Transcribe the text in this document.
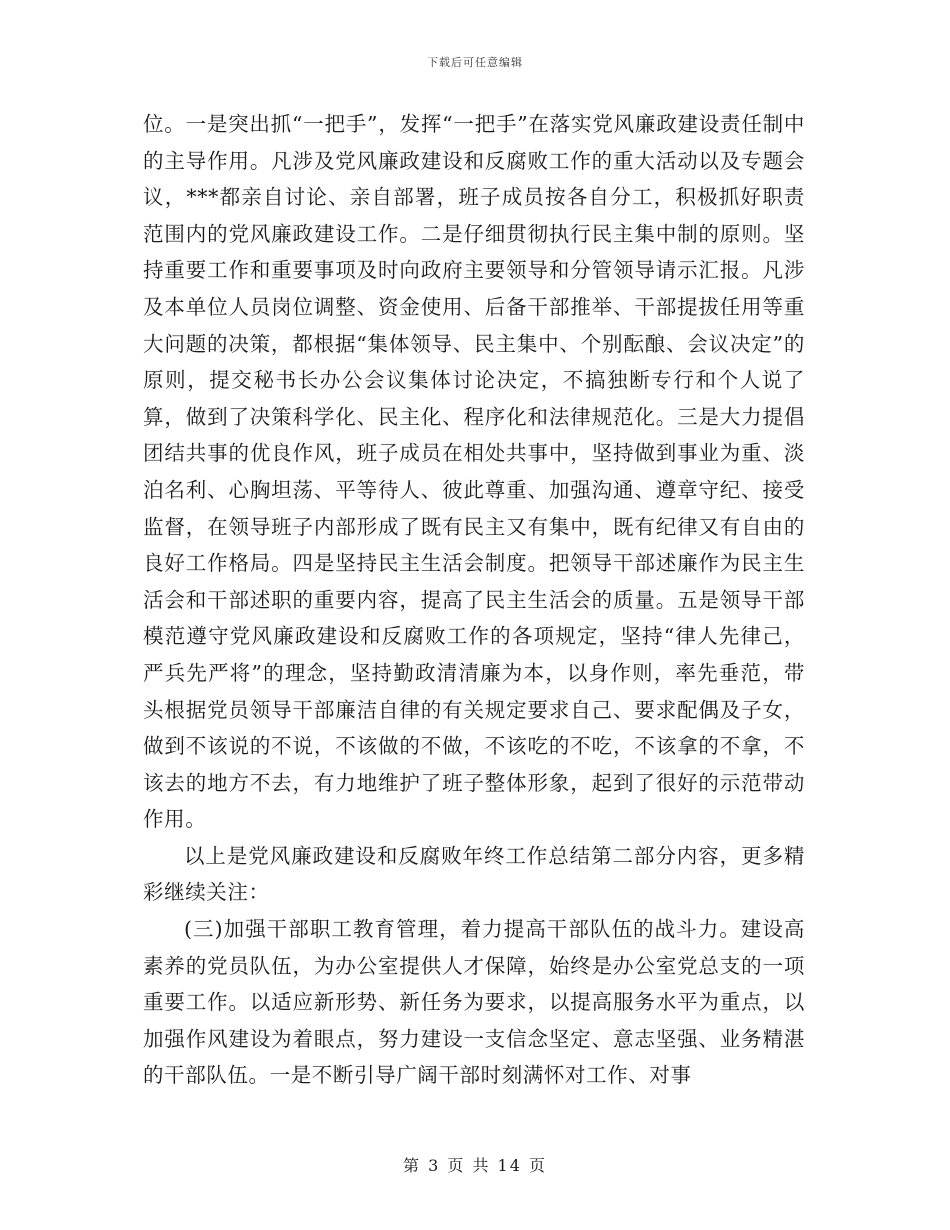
下载后可任意编辑

位。一是突出抓“一把手”，发挥“一把手”在落实党风廉政建设责任制中的主导作用。凡涉及党风廉政建设和反腐败工作的重大活动以及专题会议，***都亲自讨论、亲自部署，班子成员按各自分工，积极抓好职责范围内的党风廉政建设工作。二是仔细贯彻执行民主集中制的原则。坚持重要工作和重要事项及时向政府主要领导和分管领导请示汇报。凡涉及本单位人员岗位调整、资金使用、后备干部推举、干部提拔任用等重大问题的决策，都根据“集体领导、民主集中、个别酝酿、会议决定”的原则，提交秘书长办公会议集体讨论决定，不搞独断专行和个人说了算，做到了决策科学化、民主化、程序化和法律规范化。三是大力提倡团结共事的优良作风，班子成员在相处共事中，坚持做到事业为重、淡泊名利、心胸坦荡、平等待人、彼此尊重、加强沟通、遵章守纪、接受监督，在领导班子内部形成了既有民主又有集中，既有纪律又有自由的良好工作格局。四是坚持民主生活会制度。把领导干部述廉作为民主生活会和干部述职的重要内容，提高了民主生活会的质量。五是领导干部模范遵守党风廉政建设和反腐败工作的各项规定，坚持“律人先律己，严兵先严将”的理念，坚持勤政清清廉为本，以身作则，率先垂范，带头根据党员领导干部廉洁自律的有关规定要求自己、要求配偶及子女，做到不该说的不说，不该做的不做，不该吃的不吃，不该拿的不拿，不该去的地方不去，有力地维护了班子整体形象，起到了很好的示范带动作用。

以上是党风廉政建设和反腐败年终工作总结第二部分内容，更多精彩继续关注：

(三)加强干部职工教育管理，着力提高干部队伍的战斗力。建设高素养的党员队伍，为办公室提供人才保障，始终是办公室党总支的一项重要工作。以适应新形势、新任务为要求，以提高服务水平为重点，以加强作风建设为着眼点，努力建设一支信念坚定、意志坚强、业务精湛的干部队伍。一是不断引导广阔干部时刻满怀对工作、对事

第 3 页 共 14 页
